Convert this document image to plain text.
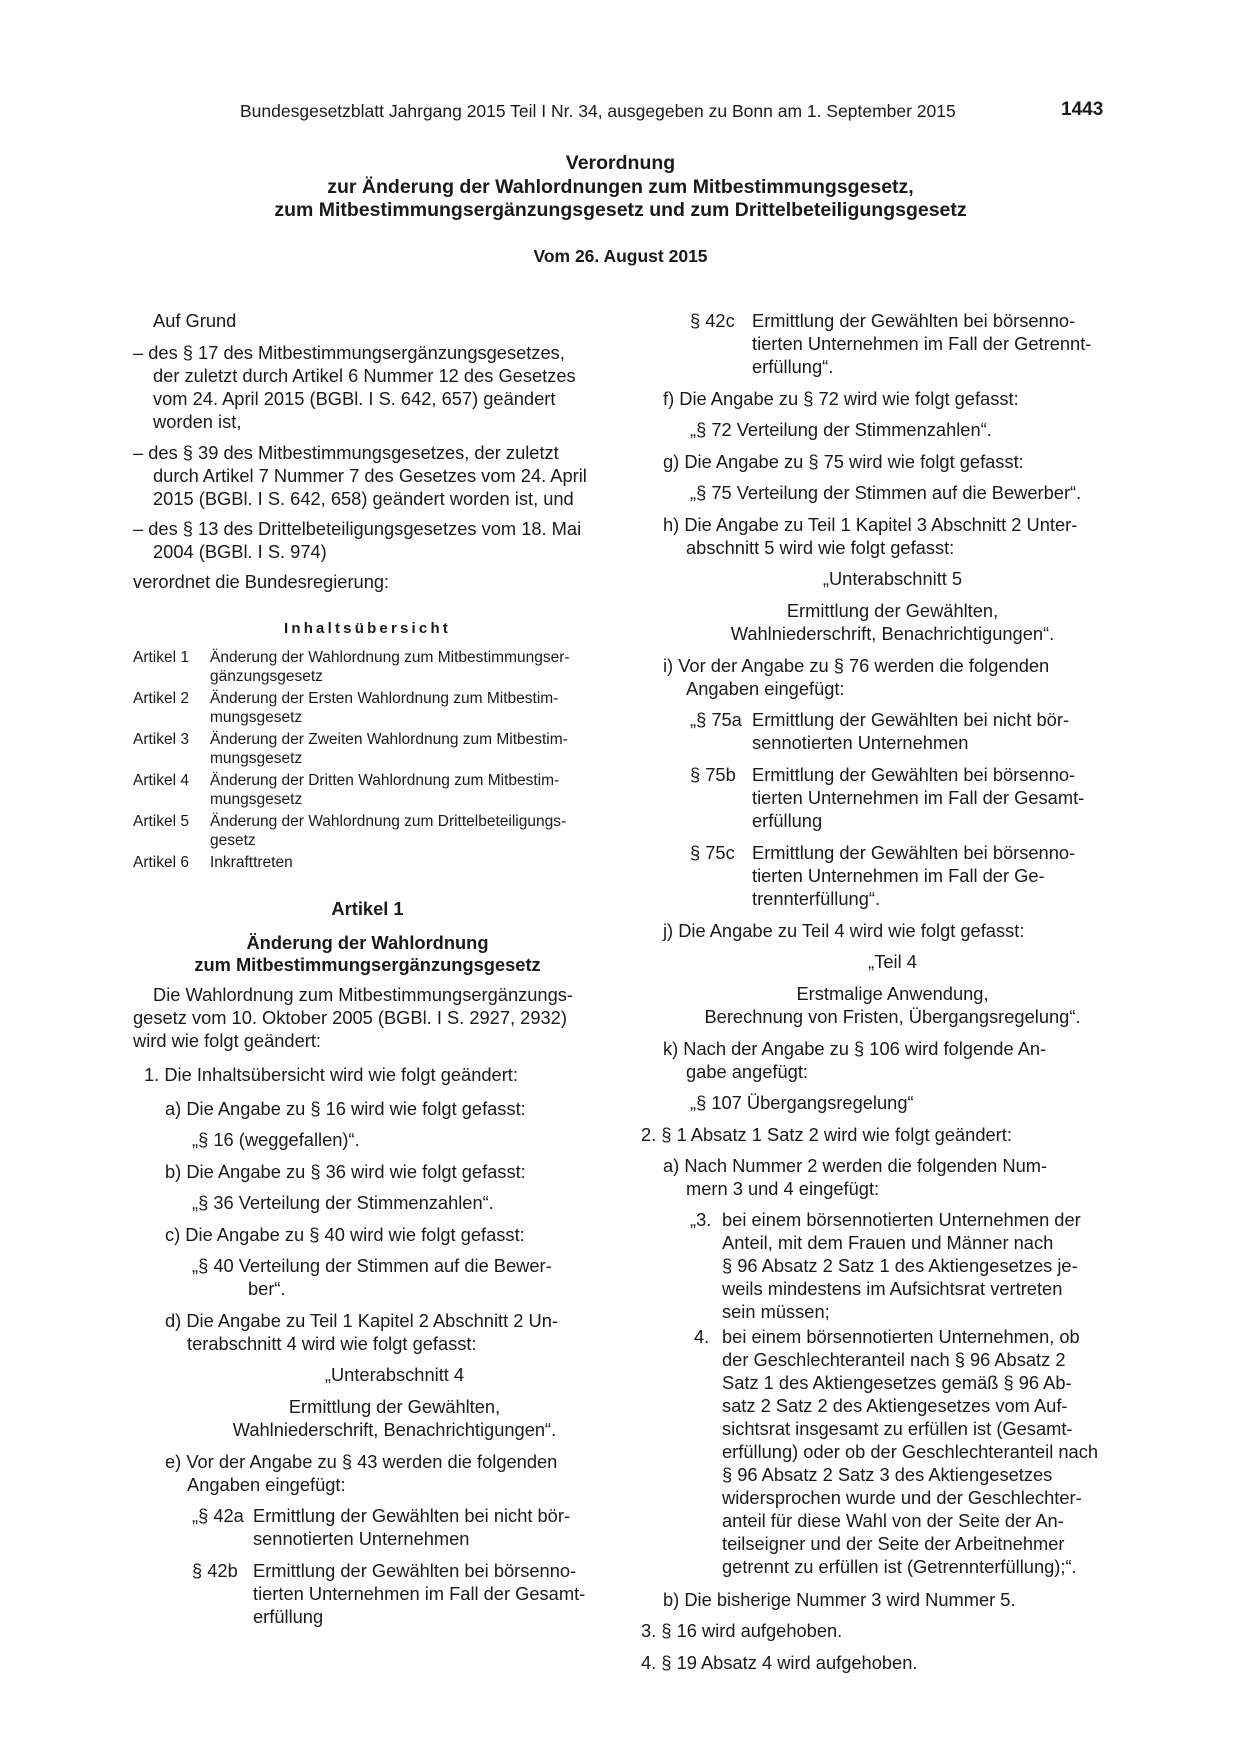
Bundesgesetzblatt Jahrgang 2015 Teil I Nr. 34, ausgegeben zu Bonn am 1. September 2015	1443
Verordnung
zur Änderung der Wahlordnungen zum Mitbestimmungsgesetz,
zum Mitbestimmungsergänzungsgesetz und zum Drittelbeteiligungsgesetz
Vom 26. August 2015
Auf Grund
– des § 17 des Mitbestimmungsergänzungsgesetzes,
der zuletzt durch Artikel 6 Nummer 12 des Gesetzes
vom 24. April 2015 (BGBl. I S. 642, 657) geändert
worden ist,
– des § 39 des Mitbestimmungsgesetzes, der zuletzt
durch Artikel 7 Nummer 7 des Gesetzes vom 24. April
2015 (BGBl. I S. 642, 658) geändert worden ist, und
– des § 13 des Drittelbeteiligungsgesetzes vom 18. Mai
2004 (BGBl. I S. 974)
verordnet die Bundesregierung:
Inhaltsübersicht
Artikel 1 Änderung der Wahlordnung zum Mitbestimmungser-
gänzungsgesetz
Artikel 2 Änderung der Ersten Wahlordnung zum Mitbestim-
mungsgesetz
Artikel 3 Änderung der Zweiten Wahlordnung zum Mitbestim-
mungsgesetz
Artikel 4 Änderung der Dritten Wahlordnung zum Mitbestim-
mungsgesetz
Artikel 5 Änderung der Wahlordnung zum Drittelbeteiligungs-
gesetz
Artikel 6 Inkrafttreten
Artikel 1
Änderung der Wahlordnung
zum Mitbestimmungsergänzungsgesetz
Die Wahlordnung zum Mitbestimmungsergänzungs-
gesetz vom 10. Oktober 2005 (BGBl. I S. 2927, 2932)
wird wie folgt geändert:
1. Die Inhaltsübersicht wird wie folgt geändert:
a) Die Angabe zu § 16 wird wie folgt gefasst:
„§ 16 (weggefallen)“.
b) Die Angabe zu § 36 wird wie folgt gefasst:
„§ 36 Verteilung der Stimmenzahlen“.
c) Die Angabe zu § 40 wird wie folgt gefasst:
„§ 40 Verteilung der Stimmen auf die Bewer-
ber“.
d) Die Angabe zu Teil 1 Kapitel 2 Abschnitt 2 Un-
terabschnitt 4 wird wie folgt gefasst:
„Unterabschnitt 4
Ermittlung der Gewählten,
Wahlniederschrift, Benachrichtigungen“.
e) Vor der Angabe zu § 43 werden die folgenden
Angaben eingefügt:
„§ 42a Ermittlung der Gewählten bei nicht bör-
sennotierten Unternehmen
§ 42b Ermittlung der Gewählten bei börsenno-
tierten Unternehmen im Fall der Gesamt-
erfüllung
§ 42c Ermittlung der Gewählten bei börsenno-
tierten Unternehmen im Fall der Getrennt-
erfüllung“.
f) Die Angabe zu § 72 wird wie folgt gefasst:
„§ 72 Verteilung der Stimmenzahlen“.
g) Die Angabe zu § 75 wird wie folgt gefasst:
„§ 75 Verteilung der Stimmen auf die Bewerber“.
h) Die Angabe zu Teil 1 Kapitel 3 Abschnitt 2 Unter-
abschnitt 5 wird wie folgt gefasst:
„Unterabschnitt 5
Ermittlung der Gewählten,
Wahlniederschrift, Benachrichtigungen“.
i) Vor der Angabe zu § 76 werden die folgenden
Angaben eingefügt:
„§ 75a Ermittlung der Gewählten bei nicht bör-
sennotierten Unternehmen
§ 75b Ermittlung der Gewählten bei börsenno-
tierten Unternehmen im Fall der Gesamt-
erfüllung
§ 75c Ermittlung der Gewählten bei börsenno-
tierten Unternehmen im Fall der Ge-
trennterfüllung“.
j) Die Angabe zu Teil 4 wird wie folgt gefasst:
„Teil 4
Erstmalige Anwendung,
Berechnung von Fristen, Übergangsregelung“.
k) Nach der Angabe zu § 106 wird folgende An-
gabe angefügt:
„§ 107 Übergangsregelung“
2. § 1 Absatz 1 Satz 2 wird wie folgt geändert:
a) Nach Nummer 2 werden die folgenden Num-
mern 3 und 4 eingefügt:
„3. bei einem börsennotierten Unternehmen der
Anteil, mit dem Frauen und Männer nach
§ 96 Absatz 2 Satz 1 des Aktiengesetzes je-
weils mindestens im Aufsichtsrat vertreten
sein müssen;
4. bei einem börsennotierten Unternehmen, ob
der Geschlechteranteil nach § 96 Absatz 2
Satz 1 des Aktiengesetzes gemäß § 96 Ab-
satz 2 Satz 2 des Aktiengesetzes vom Auf-
sichtsrat insgesamt zu erfüllen ist (Gesamt-
erfüllung) oder ob der Geschlechteranteil nach
§ 96 Absatz 2 Satz 3 des Aktiengesetzes
widersprochen wurde und der Geschlechter-
anteil für diese Wahl von der Seite der An-
teilseigner und der Seite der Arbeitnehmer
getrennt zu erfüllen ist (Getrennterfüllung);“.
b) Die bisherige Nummer 3 wird Nummer 5.
3. § 16 wird aufgehoben.
4. § 19 Absatz 4 wird aufgehoben.
